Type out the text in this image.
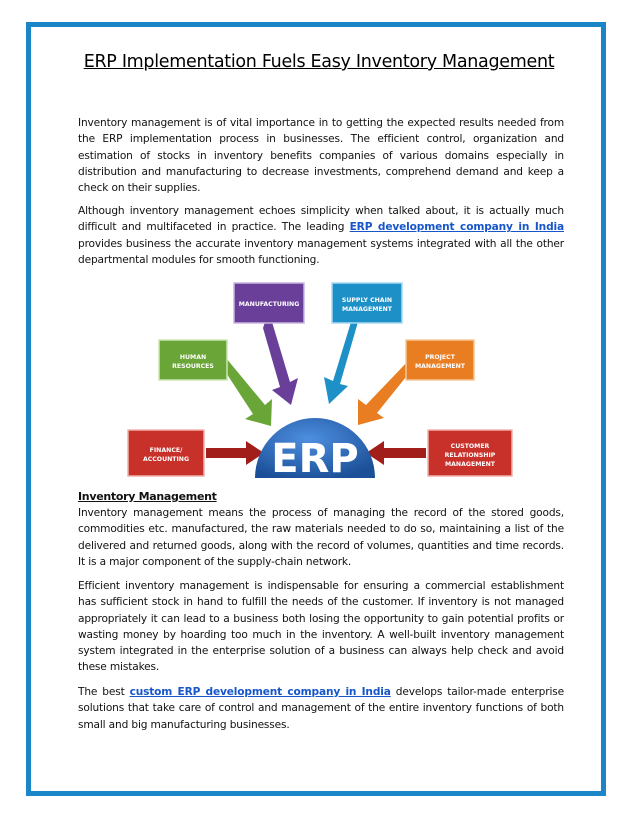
ERP Implementation Fuels Easy Inventory Management

Inventory management is of vital importance in to getting the expected results needed from the ERP implementation process in businesses. The efficient control, organization and estimation of stocks in inventory benefits companies of various domains especially in distribution and manufacturing to decrease investments, comprehend demand and keep a check on their supplies.

Although inventory management echoes simplicity when talked about, it is actually much difficult and multifaceted in practice. The leading ERP development company in India provides business the accurate inventory management systems integrated with all the other departmental modules for smooth functioning.

ERP
MANUFACTURING
SUPPLY CHAIN
MANAGEMENT
HUMAN
RESOURCES
PROJECT
MANAGEMENT
FINANCE/
ACCOUNTING
CUSTOMER
RELATIONSHIP
MANAGEMENT
Inventory Management

Inventory management means the process of managing the record of the stored goods, commodities etc. manufactured, the raw materials needed to do so, maintaining a list of the delivered and returned goods, along with the record of volumes, quantities and time records. It is a major component of the supply-chain network.

Efficient inventory management is indispensable for ensuring a commercial establishment has sufficient stock in hand to fulfill the needs of the customer. If inventory is not managed appropriately it can lead to a business both losing the opportunity to gain potential profits or wasting money by hoarding too much in the inventory. A well-built inventory management system integrated in the enterprise solution of a business can always help check and avoid these mistakes.

The best custom ERP development company in India develops tailor-made enterprise solutions that take care of control and management of the entire inventory functions of both small and big manufacturing businesses.
